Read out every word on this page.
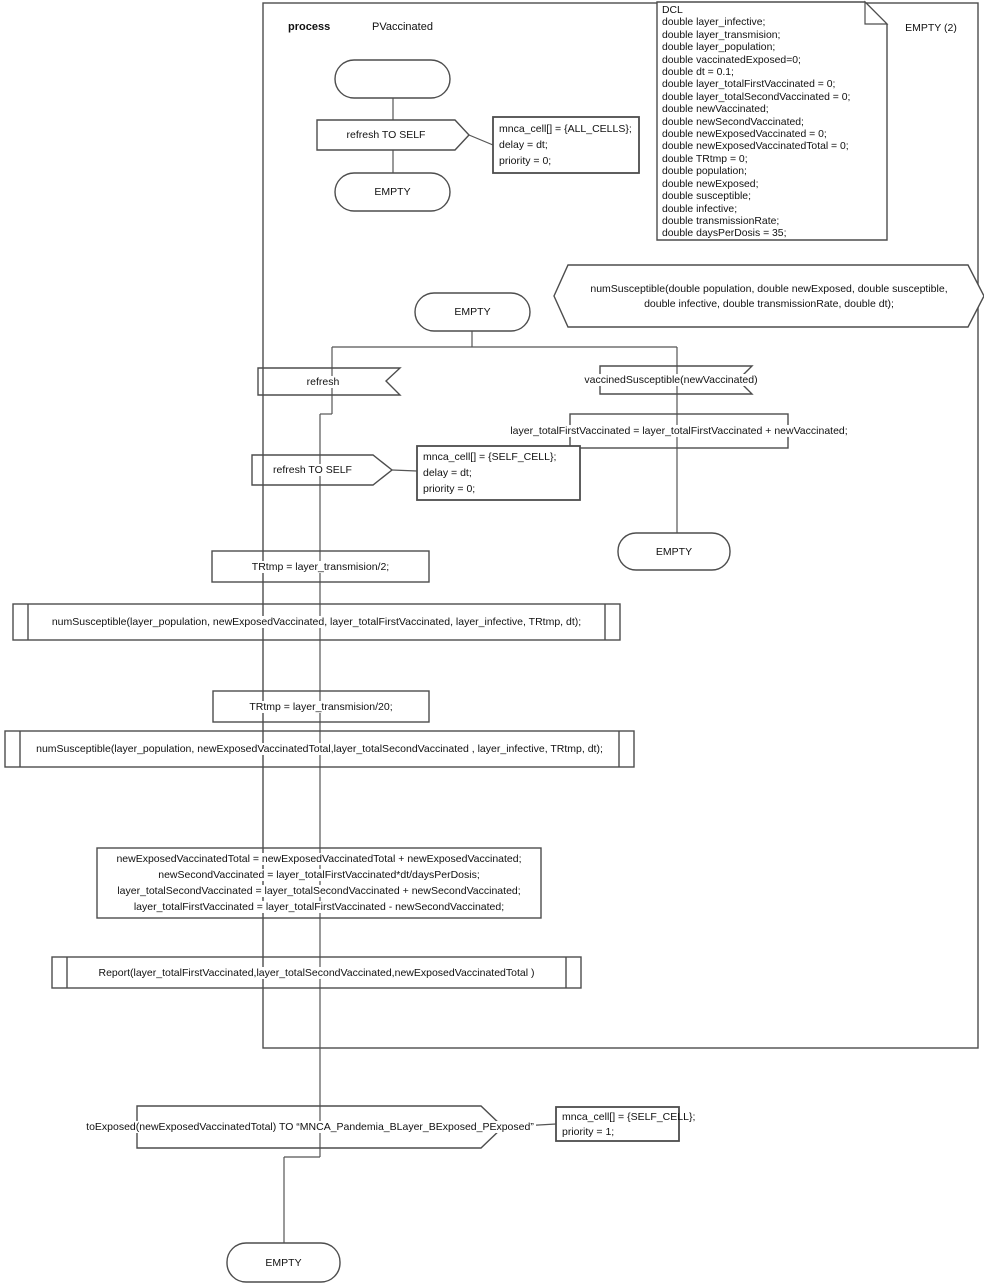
process	PVaccinated	EMPTY (2)
DCL
double layer_infective;
double layer_transmision;
double layer_population;
double vaccinatedExposed=0;
double dt = 0.1;
double layer_totalFirstVaccinated = 0;
double layer_totalSecondVaccinated = 0;
double newVaccinated;
double newSecondVaccinated;
double newExposedVaccinated = 0;
double newExposedVaccinatedTotal = 0;
double TRtmp = 0;
double population;
double newExposed;
double susceptible;
double infective;
double transmissionRate;
double daysPerDosis = 35;
refresh TO SELF	mnca_cell[] = {ALL_CELLS};
delay = dt;
priority = 0;
EMPTY
numSusceptible(double population, double newExposed, double susceptible,
double infective, double transmissionRate, double dt);
EMPTY
refresh	vaccinedSusceptible(newVaccinated)
layer_totalFirstVaccinated = layer_totalFirstVaccinated + newVaccinated;
EMPTY
refresh TO SELF
mnca_cell[] = {SELF_CELL};
delay = dt;
priority = 0;
TRtmp = layer_transmision/2;
numSusceptible(layer_population, newExposedVaccinated, layer_totalFirstVaccinated, layer_infective, TRtmp, dt);
TRtmp = layer_transmision/20;
numSusceptible(layer_population, newExposedVaccinatedTotal,layer_totalSecondVaccinated , layer_infective, TRtmp, dt);
newExposedVaccinatedTotal = newExposedVaccinatedTotal + newExposedVaccinated;
newSecondVaccinated = layer_totalFirstVaccinated*dt/daysPerDosis;
layer_totalSecondVaccinated = layer_totalSecondVaccinated + newSecondVaccinated;
layer_totalFirstVaccinated = layer_totalFirstVaccinated - newSecondVaccinated;
Report(layer_totalFirstVaccinated,layer_totalSecondVaccinated,newExposedVaccinatedTotal )
toExposed(newExposedVaccinatedTotal) TO “MNCA_Pandemia_BLayer_BExposed_PExposed”
mnca_cell[] = {SELF_CELL};
priority = 1;
EMPTY
